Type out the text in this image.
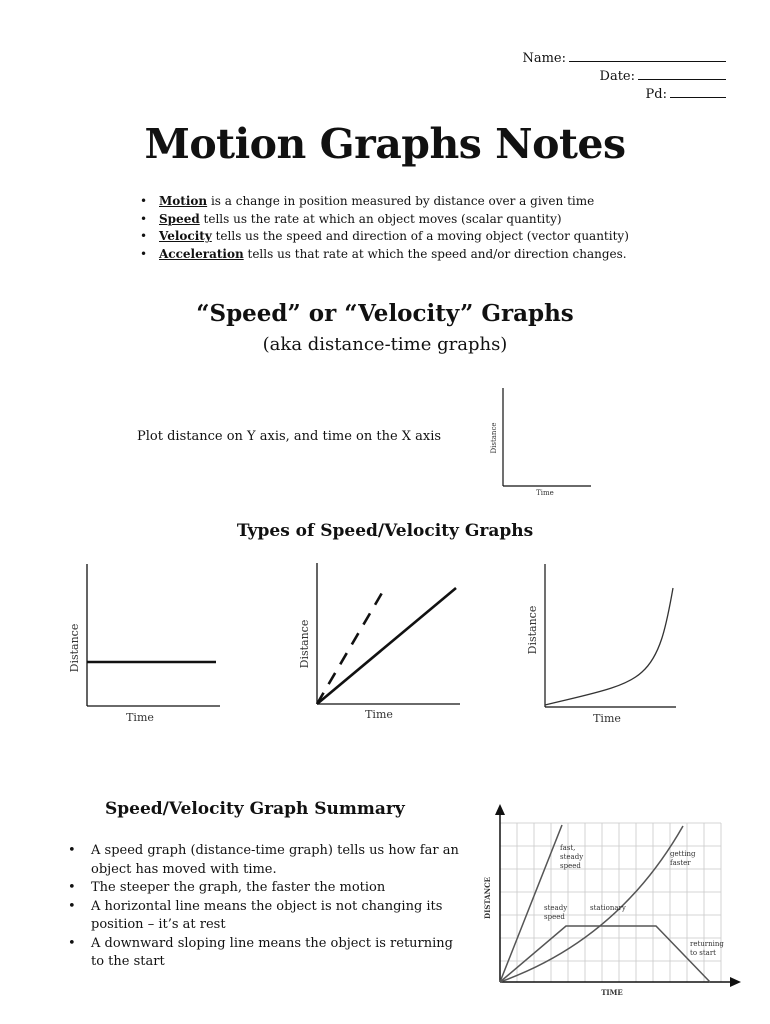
Name:
Date:
Pd:
Motion Graphs Notes
• Motion is a change in position measured by distance over a given time
• Speed tells us the rate at which an object moves (scalar quantity)
• Velocity tells us the speed and direction of a moving object (vector quantity)
• Acceleration tells us that rate at which the speed and/or direction changes.
“Speed” or “Velocity” Graphs
(aka distance-time graphs)
Plot distance on Y axis, and time on the X axis	Distance
Time
Types of Speed/Velocity Graphs
Distance
Time
Distance
Time
Distance
Time
Speed/Velocity Graph Summary
• A speed graph (distance-time graph) tells us how far an object has moved with time.
• The steeper the graph, the faster the motion
• A horizontal line means the object is not changing its position – it’s at rest
• A downward sloping line means the object is returning to the start
fast, steady speed
getting faster
steady speed
stationary
returning to start
DISTANCE
TIME
